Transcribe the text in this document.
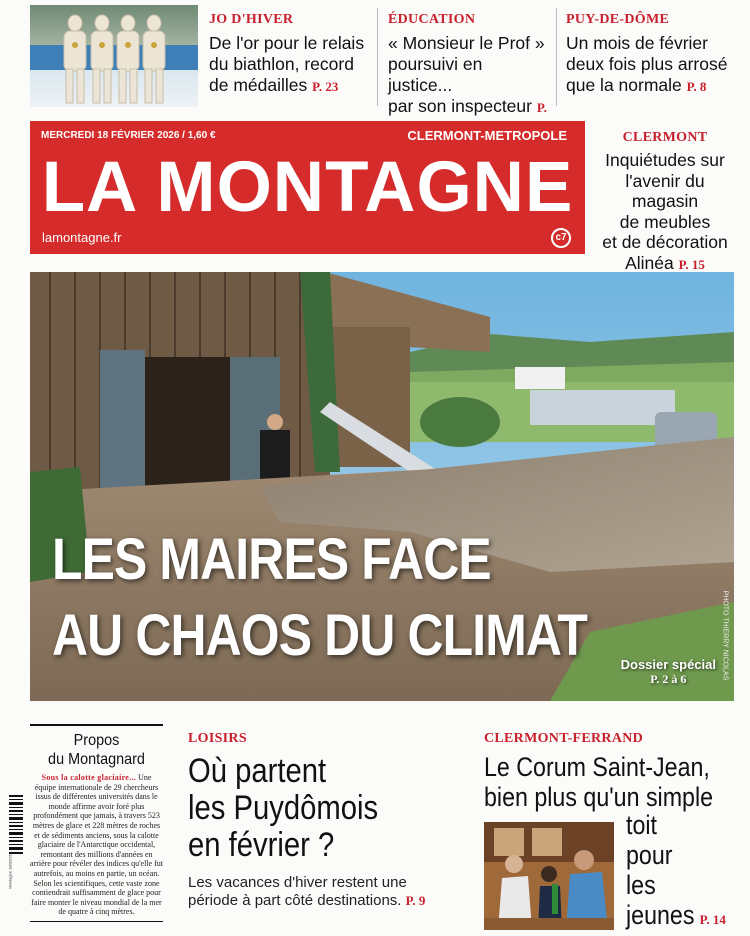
JO D'HIVER
De l'or pour le relais
du biathlon, record
de médailles P. 23
ÉDUCATION
« Monsieur le Prof »
poursuivi en justice...
par son inspecteur P.
PUY-DE-DÔME
Un mois de février
deux fois plus arrosé
que la normale P. 8
MERCREDI 18 FÉVRIER 2026 / 1,60 €	CLERMONT-METROPOLE
LA MONTAGNE
lamontagne.fr	c7
CLERMONT
Inquiétudes sur
l'avenir du magasin
de meubles
et de décoration
Alinéa P. 15
LES MAIRES FACE
AU CHAOS DU CLIMAT	Dossier spécial
P. 2 à 6	PHOTO THIERRY NICOLAS
Montagne 18/02/26
Propos
du Montagnard
Sous la calotte glaciaire... Une équipe internationale de 29 chercheurs issus de différentes universités dans le monde affirme avoir foré plus profondément que jamais, à travers 523 mètres de glace et 228 mètres de roches et de sédiments anciens, sous la calotte glaciaire de l'Antarctique occidental, remontant des millions d'années en arrière pour révéler des indices qu'elle fut autrefois, au moins en partie, un océan. Selon les scientifiques, cette vaste zone contiendrait suffisamment de glace pour faire monter le niveau mondial de la mer de quatre à cinq mètres.
LOISIRS
Où partent
les Puydômois
en février ?
Les vacances d'hiver restent une période à part côté destinations. P. 9
CLERMONT-FERRAND
Le Corum Saint-Jean,
bien plus qu'un simple
toit
pour
les
jeunes P. 14
